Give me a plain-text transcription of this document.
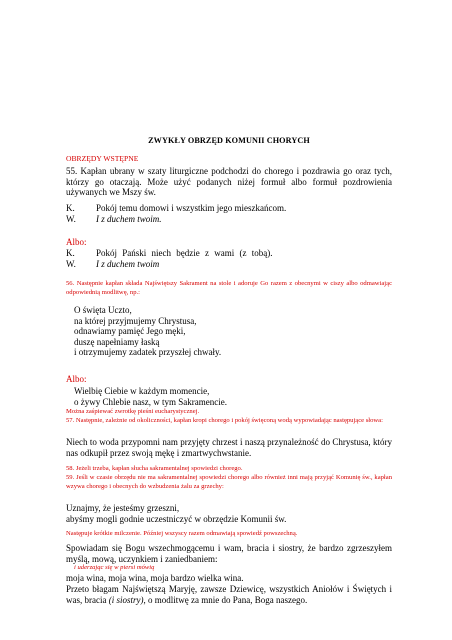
ZWYKŁY OBRZĘD KOMUNII CHORYCH
OBRZĘDY WSTĘPNE

55. Kapłan ubrany w szaty liturgiczne podchodzi do chorego i pozdrawia go oraz tych, którzy go otaczają. Może użyć podanych niżej formuł albo formuł pozdrowienia używanych we Mszy św.

K. Pokój temu domowi i wszystkim jego mieszkańcom.
W. I z duchem twoim.
Albo:
K. Pokój Pański niech będzie z wami (z tobą).
W. I z duchem twoim

56. Następnie kapłan składa Najświętszy Sakrament na stole i adoruje Go razem z obecnymi w ciszy albo odmawiając odpowiednią modlitwę, np.:

O święta Uczto,
na której przyjmujemy Chrystusa,
odnawiamy pamięć Jego męki,
duszę napełniamy łaską
i otrzymujemy zadatek przyszłej chwały.
Albo:
Wielbię Ciebie w każdym momencie,
o żywy Chlebie nasz, w tym Sakramencie.
Można zaśpiewać zwrotkę pieśni eucharystycznej.

57. Następnie, zależnie od okoliczności, kapłan kropi chorego i pokój święconą wodą wypowiadając następujące słowa:

Niech to woda przypomni nam przyjęty chrzest i naszą przynależność do Chrystusa, który nas odkupił przez swoją mękę i zmartwychwstanie.

58. Jeżeli trzeba, kapłan słucha sakramentalnej spowiedzi chorego.

59. Jeśli w czasie obrzędu nie ma sakramentalnej spowiedzi chorego albo również inni mają przyjąć Komunię św., kapłan wzywa chorego i obecnych do wzbudzenia żalu za grzechy:

Uznajmy, że jesteśmy grzeszni,
abyśmy mogli godnie uczestniczyć w obrzędzie Komunii św.
Następuje krótkie milczenie. Później wszyscy razem odmawiają spowiedź powszechną.

Spowiadam się Bogu wszechmogącemu i wam, bracia i siostry, że bardzo zgrzeszyłem myślą, mową, uczynkiem i zaniedbaniem:

i uderzając się w piersi mówią
moja wina, moja wina, moja bardzo wielka wina.

Przeto błagam Najświętszą Maryję, zawsze Dziewicę, wszystkich Aniołów i Świętych i was, bracia (i siostry), o modlitwę za mnie do Pana, Boga naszego.
